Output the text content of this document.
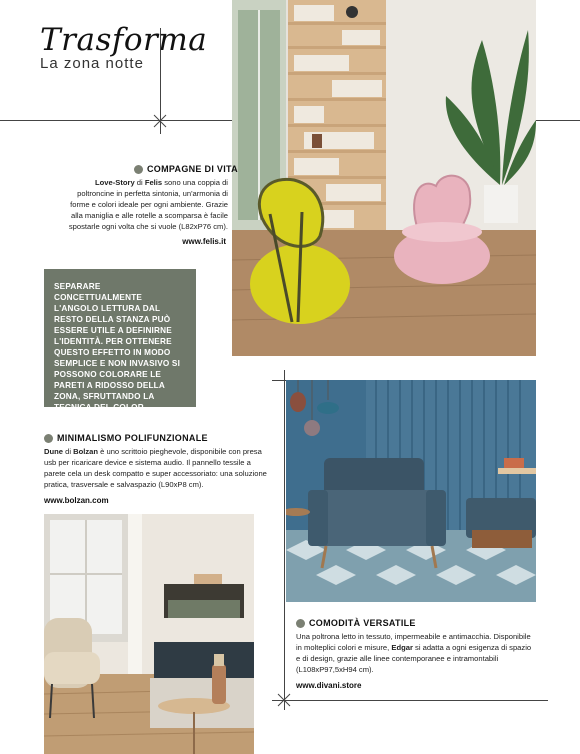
Trasforma
La zona notte
COMPAGNE DI VITA
Love-Story di Felis sono una coppia di poltroncine in perfetta sintonia, un'armonia di forme e colori ideale per ogni ambiente. Grazie alla maniglia e alle rotelle a scomparsa è facile spostarle ogni volta che si vuole (L82xP76 cm).
www.felis.it
SEPARARE CONCETTUALMENTE L'ANGOLO LETTURA DAL RESTO DELLA STANZA PUÒ ESSERE UTILE A DEFINIRNE L'IDENTITÀ. PER OTTENERE QUESTO EFFETTO IN MODO SEMPLICE E NON INVASIVO SI POSSONO COLORARE LE PARETI A RIDOSSO DELLA ZONA, SFRUTTANDO LA TECNICA DEL COLOR BLOCKING.
MINIMALISMO POLIFUNZIONALE
Dune di Bolzan è uno scrittoio pieghevole, disponibile con presa usb per ricaricare device e sistema audio. Il pannello tessile a parete cela un desk compatto e super accessoriato: una soluzione pratica, trasversale e salvaspazio (L90xP8 cm).
www.bolzan.com
COMODITÀ VERSATILE
Una poltrona letto in tessuto, impermeabile e antimacchia. Disponibile in molteplici colori e misure, Edgar si adatta a ogni esigenza di spazio e di design, grazie alle linee contemporanee e intramontabili (L108xP97,5xH94 cm).
www.divani.store
